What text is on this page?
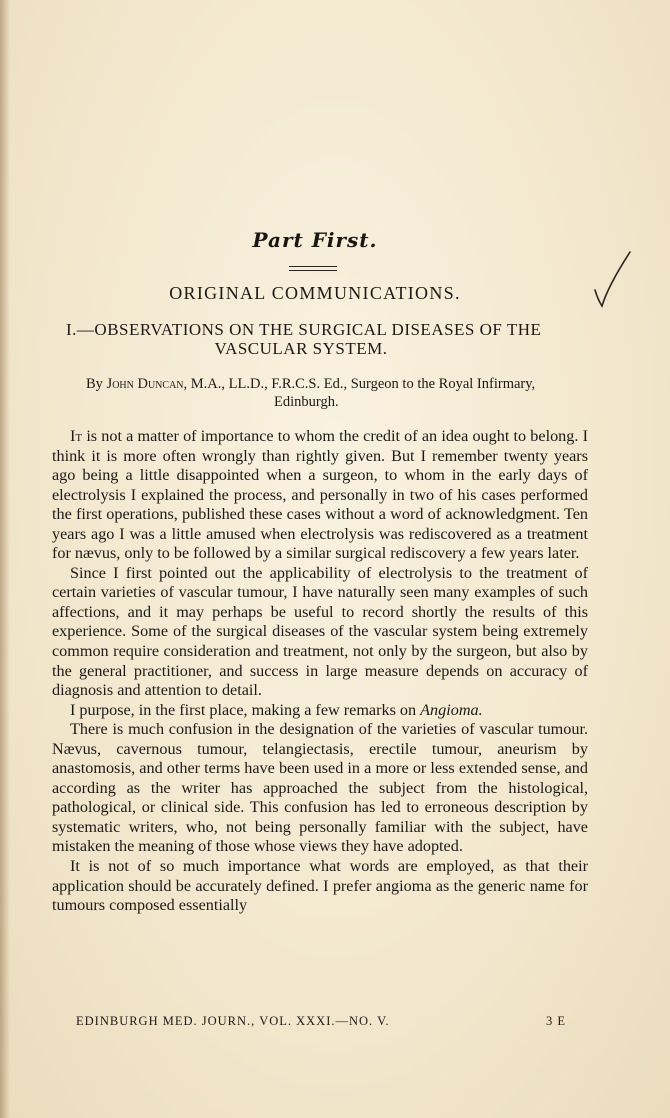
Part First.
ORIGINAL COMMUNICATIONS.
I.—OBSERVATIONS ON THE SURGICAL DISEASES OF THE
VASCULAR SYSTEM.
By John Duncan, M.A., LL.D., F.R.C.S. Ed., Surgeon to the Royal Infirmary,
Edinburgh.

It is not a matter of importance to whom the credit of an idea ought to belong. I think it is more often wrongly than rightly given. But I remember twenty years ago being a little disappointed when a surgeon, to whom in the early days of electrolysis I explained the process, and personally in two of his cases performed the first operations, published these cases without a word of acknowledgment. Ten years ago I was a little amused when electrolysis was rediscovered as a treatment for nævus, only to be followed by a similar surgical rediscovery a few years later.

Since I first pointed out the applicability of electrolysis to the treatment of certain varieties of vascular tumour, I have naturally seen many examples of such affections, and it may perhaps be useful to record shortly the results of this experience. Some of the surgical diseases of the vascular system being extremely common require consideration and treatment, not only by the surgeon, but also by the general practitioner, and success in large measure depends on accuracy of diagnosis and attention to detail.

I purpose, in the first place, making a few remarks on Angioma.

There is much confusion in the designation of the varieties of vascular tumour. Nævus, cavernous tumour, telangiectasis, erectile tumour, aneurism by anastomosis, and other terms have been used in a more or less extended sense, and according as the writer has approached the subject from the histological, pathological, or clinical side. This confusion has led to erroneous description by systematic writers, who, not being personally familiar with the subject, have mistaken the meaning of those whose views they have adopted.

It is not of so much importance what words are employed, as that their application should be accurately defined. I prefer angioma as the generic name for tumours composed essentially

EDINBURGH MED. JOURN., VOL. XXXI.—NO. V.	3 E
